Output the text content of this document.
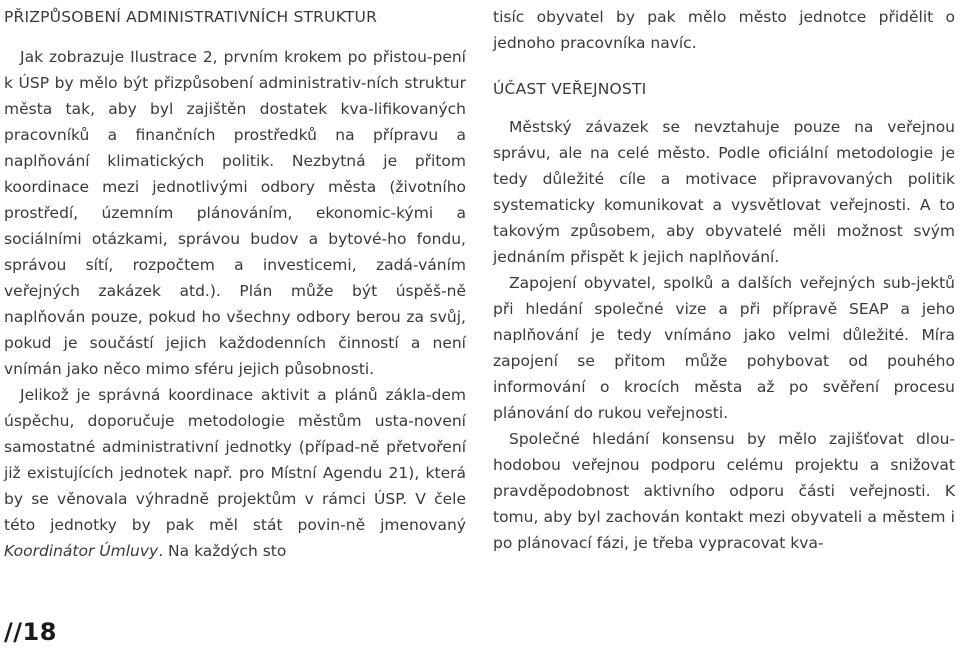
PŘIZPŮSOBENÍ ADMINISTRATIVNÍCH STRUKTUR

Jak zobrazuje Ilustrace 2, prvním krokem po přistou-pení k ÚSP by mělo být přizpůsobení administrativ-ních struktur města tak, aby byl zajištěn dostatek kva-lifikovaných pracovníků a finančních prostředků na přípravu a naplňování klimatických politik. Nezbytná je přitom koordinace mezi jednotlivými odbory města (životního prostředí, územním plánováním, ekonomic-kými a sociálními otázkami, správou budov a bytové-ho fondu, správou sítí, rozpočtem a investicemi, zadá-váním veřejných zakázek atd.). Plán může být úspěš-ně naplňován pouze, pokud ho všechny odbory berou za svůj, pokud je součástí jejich každodenních činností a není vnímán jako něco mimo sféru jejich působnosti.

Jelikož je správná koordinace aktivit a plánů zákla-dem úspěchu, doporučuje metodologie městům usta-novení samostatné administrativní jednotky (případ-ně přetvoření již existujících jednotek např. pro Místní Agendu 21), která by se věnovala výhradně projektům v rámci ÚSP. V čele této jednotky by pak měl stát povin-ně jmenovaný Koordinátor Úmluvy. Na každých sto

tisíc obyvatel by pak mělo město jednotce přidělit o jednoho pracovníka navíc.

ÚČAST VEŘEJNOSTI

Městský závazek se nevztahuje pouze na veřejnou správu, ale na celé město. Podle oficiální metodologie je tedy důležité cíle a motivace připravovaných politik systematicky komunikovat a vysvětlovat veřejnosti. A to takovým způsobem, aby obyvatelé měli možnost svým jednáním přispět k jejich naplňování.

Zapojení obyvatel, spolků a dalších veřejných sub-jektů při hledání společné vize a při přípravě SEAP a jeho naplňování je tedy vnímáno jako velmi důležité. Míra zapojení se přitom může pohybovat od pouhého informování o krocích města až po svěření procesu plánování do rukou veřejnosti.

Společné hledání konsensu by mělo zajišťovat dlou-hodobou veřejnou podporu celému projektu a snižovat pravděpodobnost aktivního odporu části veřejnosti. K tomu, aby byl zachován kontakt mezi obyvateli a městem i po plánovací fázi, je třeba vypracovat kva-

//18
